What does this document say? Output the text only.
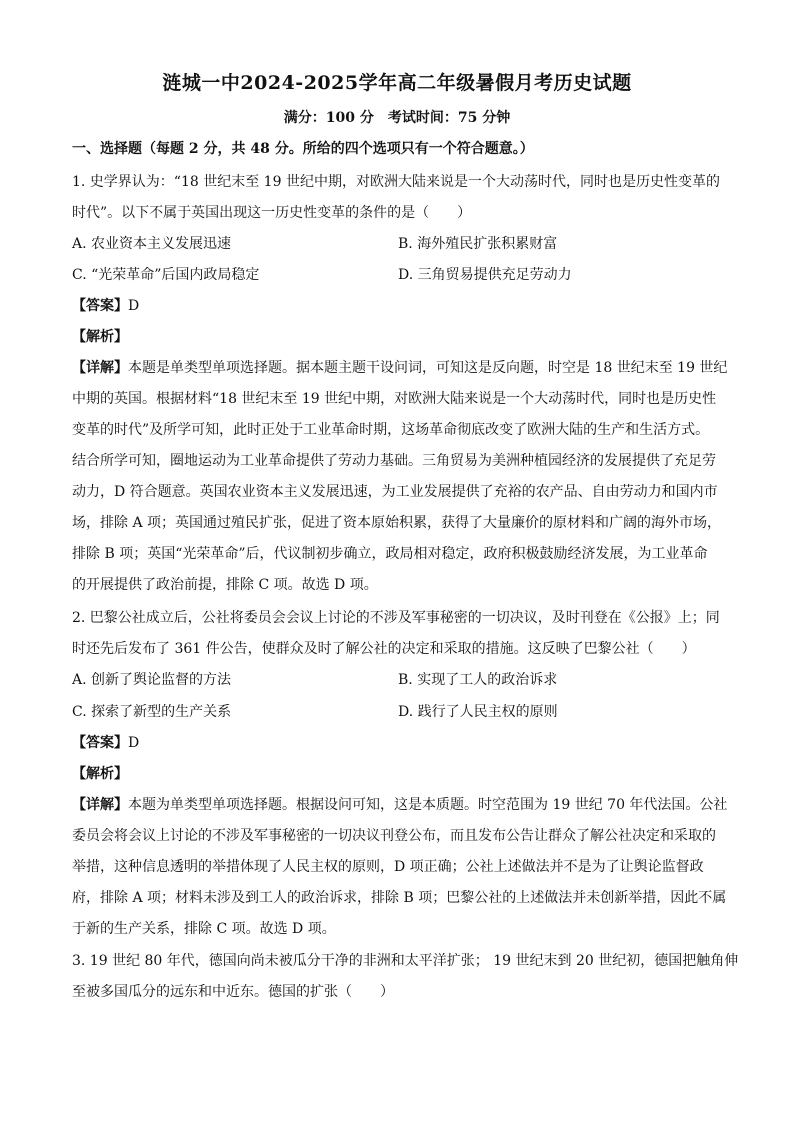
涟城一中2024-2025学年高二年级暑假月考历史试题
满分：100 分　考试时间：75 分钟
一、选择题（每题 2 分，共 48 分。所给的四个选项只有一个符合题意。）
1. 史学界认为：“18 世纪末至 19 世纪中期，对欧洲大陆来说是一个大动荡时代，同时也是历史性变革的
时代”。以下不属于英国出现这一历史性变革的条件的是（　　）
A. 农业资本主义发展迅速	B. 海外殖民扩张积累财富
C. “光荣革命”后国内政局稳定	D. 三角贸易提供充足劳动力
【答案】D
【解析】
【详解】本题是单类型单项选择题。据本题主题干设问词，可知这是反向题，时空是 18 世纪末至 19 世纪
中期的英国。根据材料“18 世纪末至 19 世纪中期，对欧洲大陆来说是一个大动荡时代，同时也是历史性
变革的时代”及所学可知，此时正处于工业革命时期，这场革命彻底改变了欧洲大陆的生产和生活方式。
结合所学可知，圈地运动为工业革命提供了劳动力基础。三角贸易为美洲种植园经济的发展提供了充足劳
动力，D 符合题意。英国农业资本主义发展迅速，为工业发展提供了充裕的农产品、自由劳动力和国内市
场，排除 A 项；英国通过殖民扩张，促进了资本原始积累，获得了大量廉价的原材料和广阔的海外市场，
排除 B 项；英国“光荣革命”后，代议制初步确立，政局相对稳定，政府积极鼓励经济发展，为工业革命
的开展提供了政治前提，排除 C 项。故选 D 项。
2. 巴黎公社成立后，公社将委员会会议上讨论的不涉及军事秘密的一切决议，及时刊登在《公报》上；同
时还先后发布了 361 件公告，使群众及时了解公社的决定和采取的措施。这反映了巴黎公社（　　）
A. 创新了舆论监督的方法	B. 实现了工人的政治诉求
C. 探索了新型的生产关系	D. 践行了人民主权的原则
【答案】D
【解析】
【详解】本题为单类型单项选择题。根据设问可知，这是本质题。时空范围为 19 世纪 70 年代法国。公社
委员会将会议上讨论的不涉及军事秘密的一切决议刊登公布，而且发布公告让群众了解公社决定和采取的
举措，这种信息透明的举措体现了人民主权的原则，D 项正确；公社上述做法并不是为了让舆论监督政
府，排除 A 项；材料未涉及到工人的政治诉求，排除 B 项；巴黎公社的上述做法并未创新举措，因此不属
于新的生产关系，排除 C 项。故选 D 项。
3. 19 世纪 80 年代，德国向尚未被瓜分干净的非洲和太平洋扩张； 19 世纪末到 20 世纪初，德国把触角伸
至被多国瓜分的远东和中近东。德国的扩张（　　）
